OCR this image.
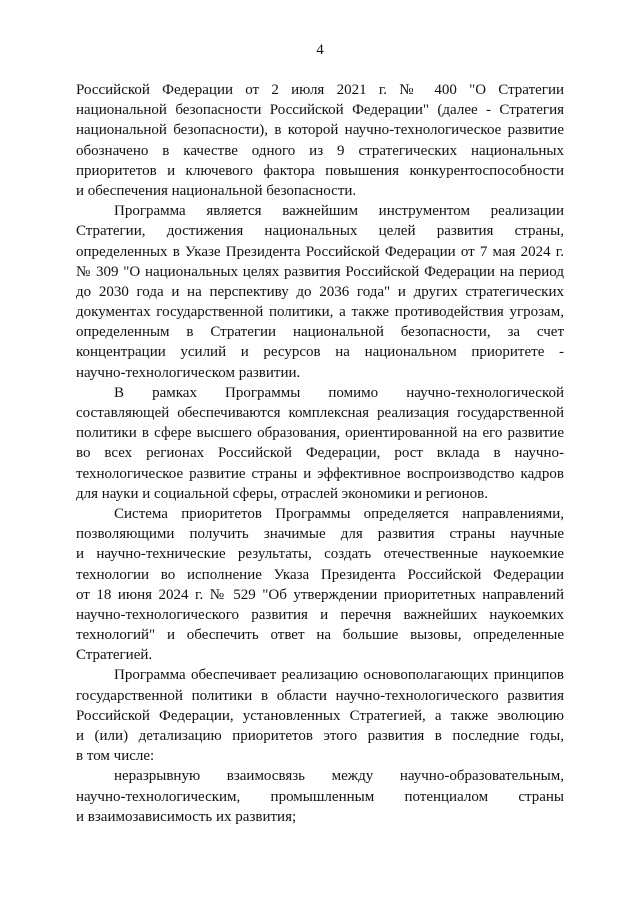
4
Российской Федерации от 2 июля 2021 г. № 400 "О Стратегии
национальной безопасности Российской Федерации" (далее - Стратегия
национальной безопасности), в которой научно-технологическое развитие
обозначено в качестве одного из 9 стратегических национальных
приоритетов и ключевого фактора повышения конкурентоспособности
и обеспечения национальной безопасности.
Программа является важнейшим инструментом реализации
Стратегии, достижения национальных целей развития страны,
определенных в Указе Президента Российской Федерации от 7 мая 2024 г.
№ 309 "О национальных целях развития Российской Федерации на период
до 2030 года и на перспективу до 2036 года" и других стратегических
документах государственной политики, а также противодействия угрозам,
определенным в Стратегии национальной безопасности, за счет
концентрации усилий и ресурсов на национальном приоритете -
научно-технологическом развитии.
В рамках Программы помимо научно-технологической
составляющей обеспечиваются комплексная реализация государственной
политики в сфере высшего образования, ориентированной на его развитие
во всех регионах Российской Федерации, рост вклада в научно-
технологическое развитие страны и эффективное воспроизводство кадров
для науки и социальной сферы, отраслей экономики и регионов.
Система приоритетов Программы определяется направлениями,
позволяющими получить значимые для развития страны научные
и научно-технические результаты, создать отечественные наукоемкие
технологии во исполнение Указа Президента Российской Федерации
от 18 июня 2024 г. № 529 "Об утверждении приоритетных направлений
научно-технологического развития и перечня важнейших наукоемких
технологий" и обеспечить ответ на большие вызовы, определенные
Стратегией.
Программа обеспечивает реализацию основополагающих принципов
государственной политики в области научно-технологического развития
Российской Федерации, установленных Стратегией, а также эволюцию
и (или) детализацию приоритетов этого развития в последние годы,
в том числе:
неразрывную взаимосвязь между научно-образовательным,
научно-технологическим, промышленным потенциалом страны
и взаимозависимость их развития;
